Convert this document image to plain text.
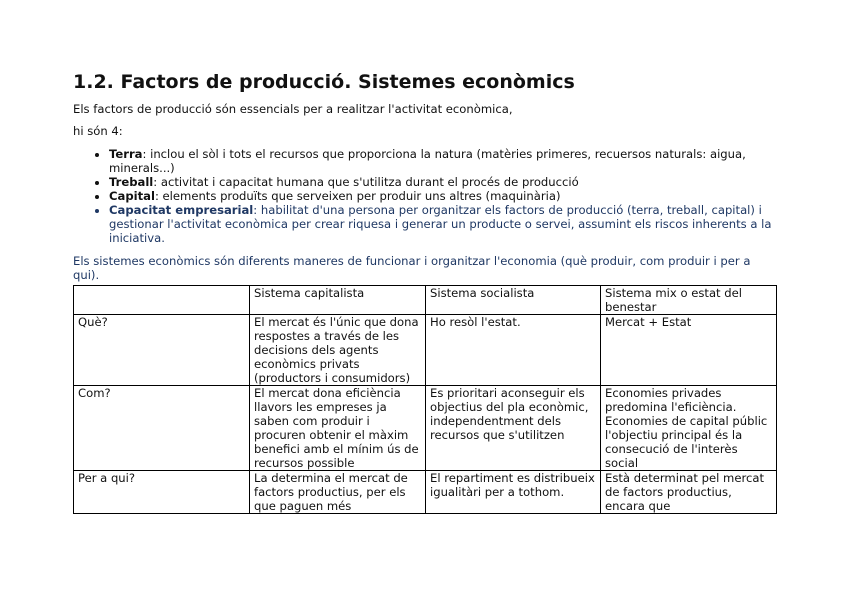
1.2. Factors de producció. Sistemes econòmics

Els factors de producció són essencials per a realitzar l'activitat econòmica,

hi són 4:

• Terra: inclou el sòl i tots el recursos que proporciona la natura (matèries primeres, recuersos naturals: aigua, minerals...)
• Treball: activitat i capacitat humana que s'utilitza durant el procés de producció
• Capital: elements produïts que serveixen per produir uns altres (maquinària)
• Capacitat empresarial: habilitat d'una persona per organitzar els factors de producció (terra, treball, capital) i gestionar l'activitat econòmica per crear riquesa i generar un producte o servei, assumint els riscos inherents a la iniciativa.

Els sistemes econòmics són diferents maneres de funcionar i organitzar l'economia (què produir, com produir i per a qui).

	Sistema capitalista	Sistema socialista	Sistema mix o estat del benestar
Què?	El mercat és l'únic que dona respostes a través de les decisions dels agents econòmics privats (productors i consumidors)	Ho resòl l'estat.	Mercat + Estat
Com?	El mercat dona eficiència llavors les empreses ja saben com produir i procuren obtenir el màxim benefici amb el mínim ús de recursos possible	Es prioritari aconseguir els objectius del pla econòmic, independentment dels recursos que s'utilitzen	Economies privades predomina l'eficiència. Economies de capital públic l'objectiu principal és la consecució de l'interès social
Per a qui?	La determina el mercat de factors productius, per els que paguen més	El repartiment es distribueix igualitàri per a tothom.	Està determinat pel mercat de factors productius, encara que
